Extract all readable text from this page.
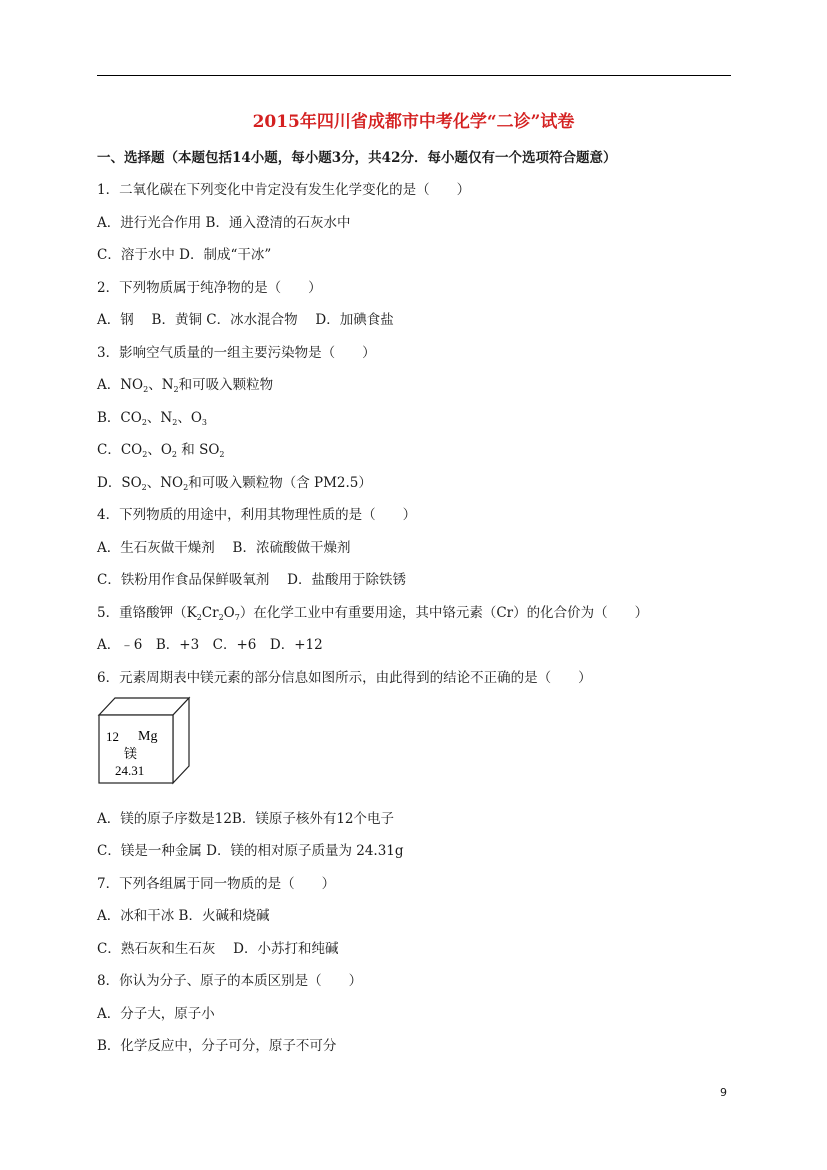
2015年四川省成都市中考化学“二诊”试卷
一、选择题（本题包括14小题，每小题3分，共42分．每小题仅有一个选项符合题意）
1．二氧化碳在下列变化中肯定没有发生化学变化的是（　　）
A．进行光合作用 B．通入澄清的石灰水中
C．溶于水中 D．制成“干冰”
2．下列物质属于纯净物的是（　　）
A．钢　 B．黄铜 C．冰水混合物　 D．加碘食盐
3．影响空气质量的一组主要污染物是（　　）
A．$NO_2$、$N_2$和可吸入颗粒物
B．$CO_2$、$N_2$、$O_3$
C．$CO_2$、$O_2$ 和 $SO_2$
D．$SO_2$、$NO_2$和可吸入颗粒物（含 PM2.5）
4．下列物质的用途中，利用其物理性质的是（　　）
A．生石灰做干燥剂　 B．浓硫酸做干燥剂
C．铁粉用作食品保鲜吸氧剂　 D．盐酸用于除铁锈
5．重铬酸钾$(K_2Cr_2O_7)$在化学工业中有重要用途，其中铬元素（Cr）的化合价为（　　）
A．﹣6　B．+3　C．+6　D．+12
6．元素周期表中镁元素的部分信息如图所示，由此得到的结论不正确的是（　　）
12 Mg
镁
24.31
A．镁的原子序数是12B．镁原子核外有12个电子
C．镁是一种金属 D．镁的相对原子质量为 24.31g
7．下列各组属于同一物质的是（　　）
A．冰和干冰 B．火碱和烧碱
C．熟石灰和生石灰　 D．小苏打和纯碱
8．你认为分子、原子的本质区别是（　　）
A．分子大，原子小
B．化学反应中，分子可分，原子不可分
9
